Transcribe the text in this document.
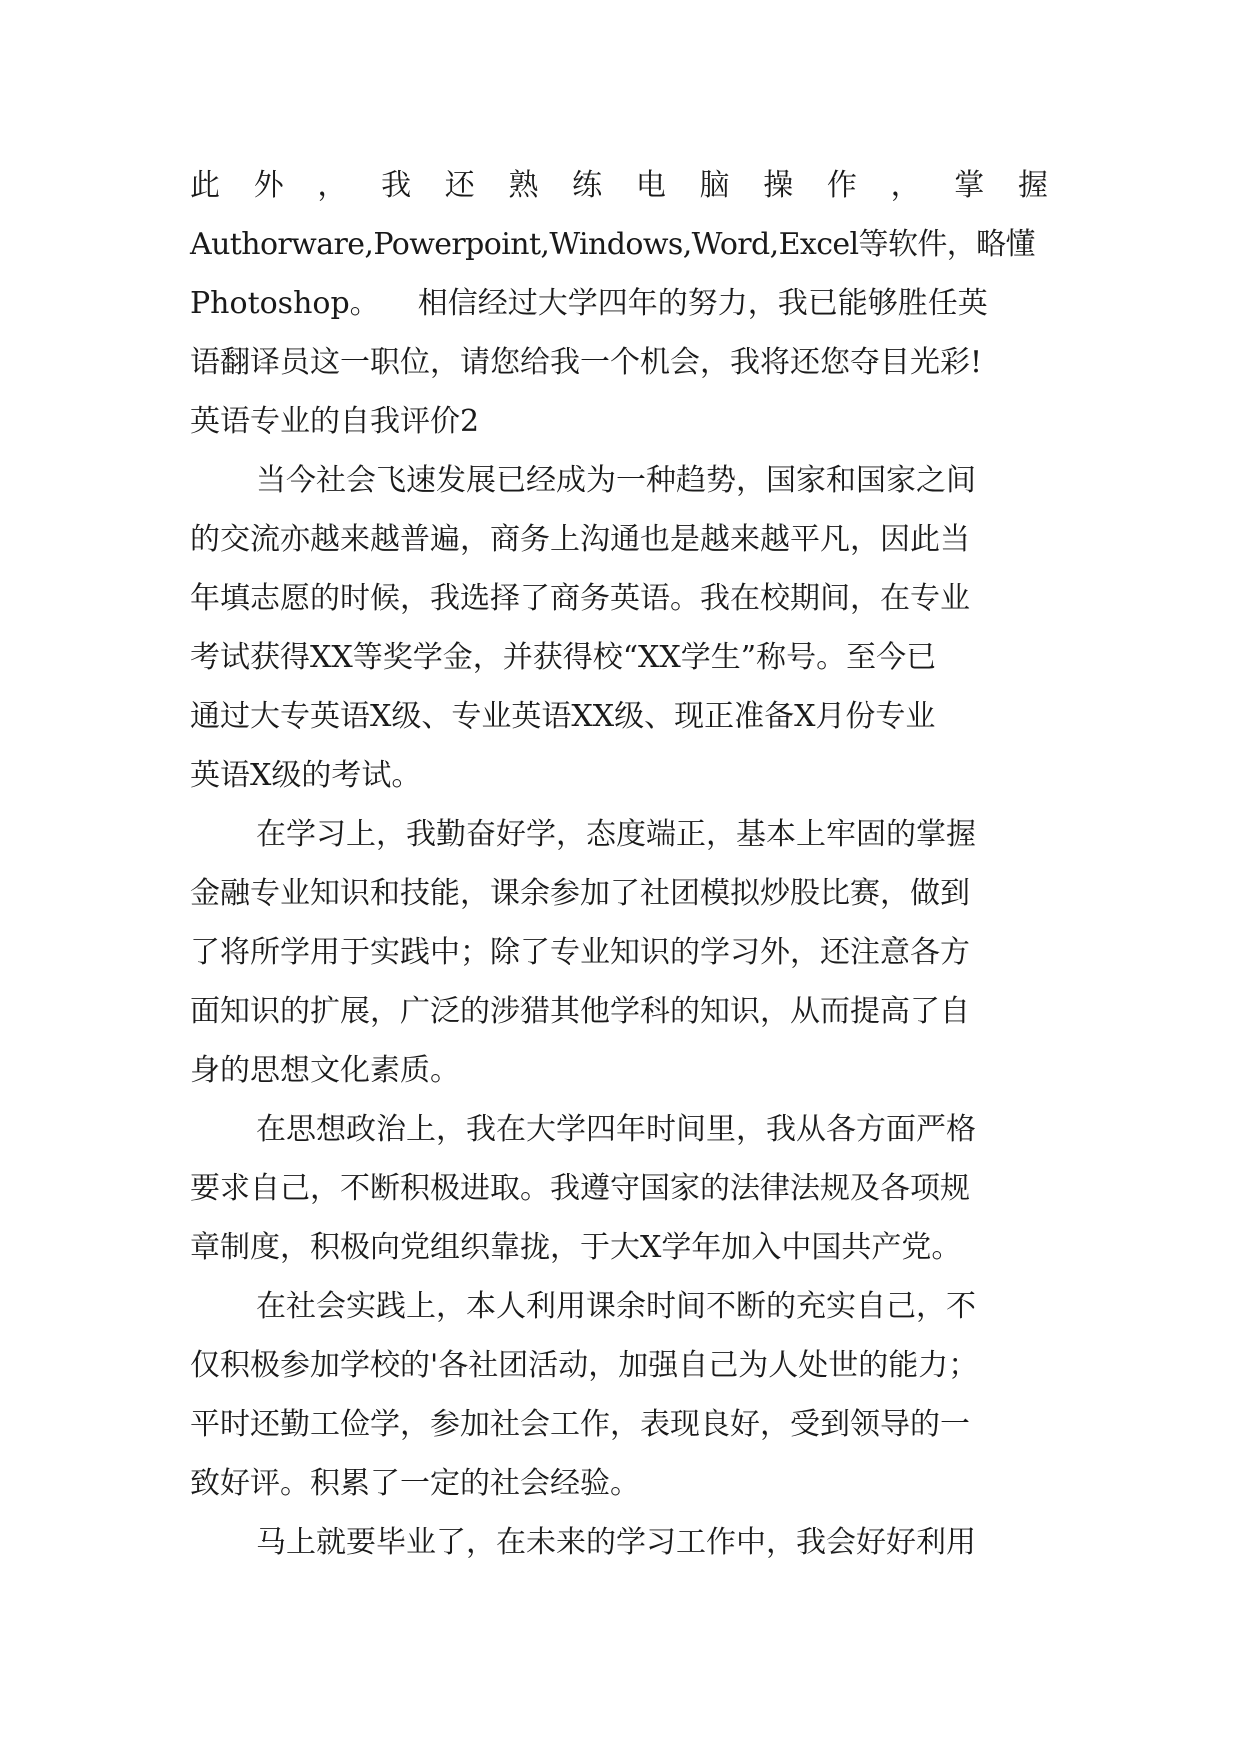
此 外 ， 我 还 熟 练 电 脑 操 作 ， 掌 握
Authorware,Powerpoint,Windows,Word,Excel等软件，略懂
Photoshop。    相信经过大学四年的努力，我已能够胜任英
语翻译员这一职位，请您给我一个机会，我将还您夺目光彩!
英语专业的自我评价2
当今社会飞速发展已经成为一种趋势，国家和国家之间
的交流亦越来越普遍，商务上沟通也是越来越平凡，因此当
年填志愿的时候，我选择了商务英语。我在校期间，在专业
考试获得XX等奖学金，并获得校“XX学生”称号。至今已
通过大专英语X级、专业英语XX级、现正准备X月份专业
英语X级的考试。
在学习上，我勤奋好学，态度端正，基本上牢固的掌握
金融专业知识和技能，课余参加了社团模拟炒股比赛，做到
了将所学用于实践中；除了专业知识的学习外，还注意各方
面知识的扩展，广泛的涉猎其他学科的知识，从而提高了自
身的思想文化素质。
在思想政治上，我在大学四年时间里，我从各方面严格
要求自己，不断积极进取。我遵守国家的法律法规及各项规
章制度，积极向党组织靠拢，于大X学年加入中国共产党。
在社会实践上，本人利用课余时间不断的充实自己，不
仅积极参加学校的'各社团活动，加强自己为人处世的能力；
平时还勤工俭学，参加社会工作，表现良好，受到领导的一
致好评。积累了一定的社会经验。
马上就要毕业了，在未来的学习工作中，我会好好利用
